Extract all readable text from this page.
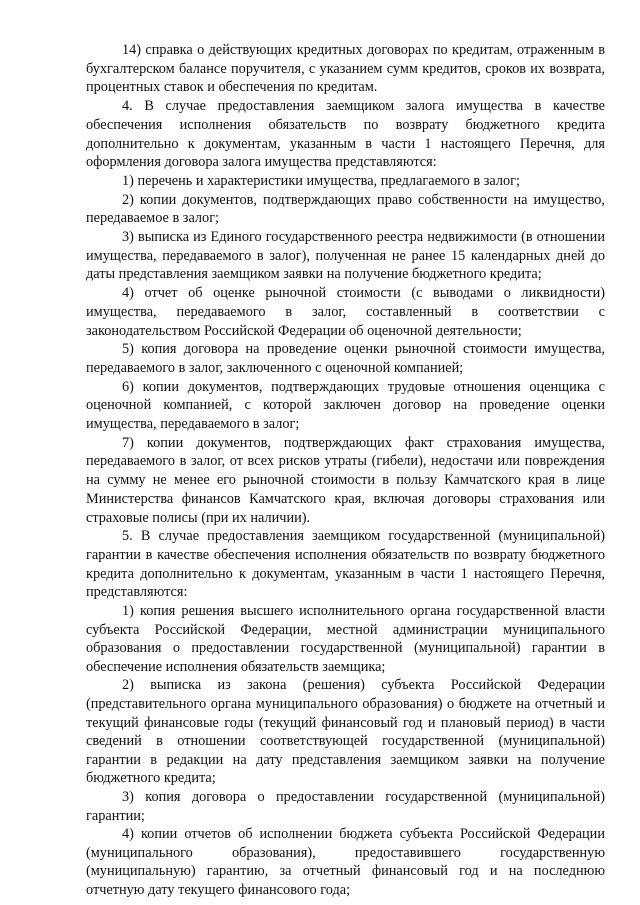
14) справка о действующих кредитных договорах по кредитам, отраженным в бухгалтерском балансе поручителя, с указанием сумм кредитов, сроков их возврата, процентных ставок и обеспечения по кредитам.

4. В случае предоставления заемщиком залога имущества в качестве обеспечения исполнения обязательств по возврату бюджетного кредита дополнительно к документам, указанным в части 1 настоящего Перечня, для оформления договора залога имущества представляются:

1) перечень и характеристики имущества, предлагаемого в залог;

2) копии документов, подтверждающих право собственности на имущество, передаваемое в залог;

3) выписка из Единого государственного реестра недвижимости (в отношении имущества, передаваемого в залог), полученная не ранее 15 календарных дней до даты представления заемщиком заявки на получение бюджетного кредита;

4) отчет об оценке рыночной стоимости (с выводами о ликвидности) имущества, передаваемого в залог, составленный в соответствии с законодательством Российской Федерации об оценочной деятельности;

5) копия договора на проведение оценки рыночной стоимости имущества, передаваемого в залог, заключенного с оценочной компанией;

6) копии документов, подтверждающих трудовые отношения оценщика с оценочной компанией, с которой заключен договор на проведение оценки имущества, передаваемого в залог;

7) копии документов, подтверждающих факт страхования имущества, передаваемого в залог, от всех рисков утраты (гибели), недостачи или повреждения на сумму не менее его рыночной стоимости в пользу Камчатского края в лице Министерства финансов Камчатского края, включая договоры страхования или страховые полисы (при их наличии).

5. В случае предоставления заемщиком государственной (муниципальной) гарантии в качестве обеспечения исполнения обязательств по возврату бюджетного кредита дополнительно к документам, указанным в части 1 настоящего Перечня, представляются:

1) копия решения высшего исполнительного органа государственной власти субъекта Российской Федерации, местной администрации муниципального образования о предоставлении государственной (муниципальной) гарантии в обеспечение исполнения обязательств заемщика;

2) выписка из закона (решения) субъекта Российской Федерации (представительного органа муниципального образования) о бюджете на отчетный и текущий финансовые годы (текущий финансовый год и плановый период) в части сведений в отношении соответствующей государственной (муниципальной) гарантии в редакции на дату представления заемщиком заявки на получение бюджетного кредита;

3) копия договора о предоставлении государственной (муниципальной) гарантии;

4) копии отчетов об исполнении бюджета субъекта Российской Федерации (муниципального образования), предоставившего государственную (муниципальную) гарантию, за отчетный финансовый год и на последнюю отчетную дату текущего финансового года;
